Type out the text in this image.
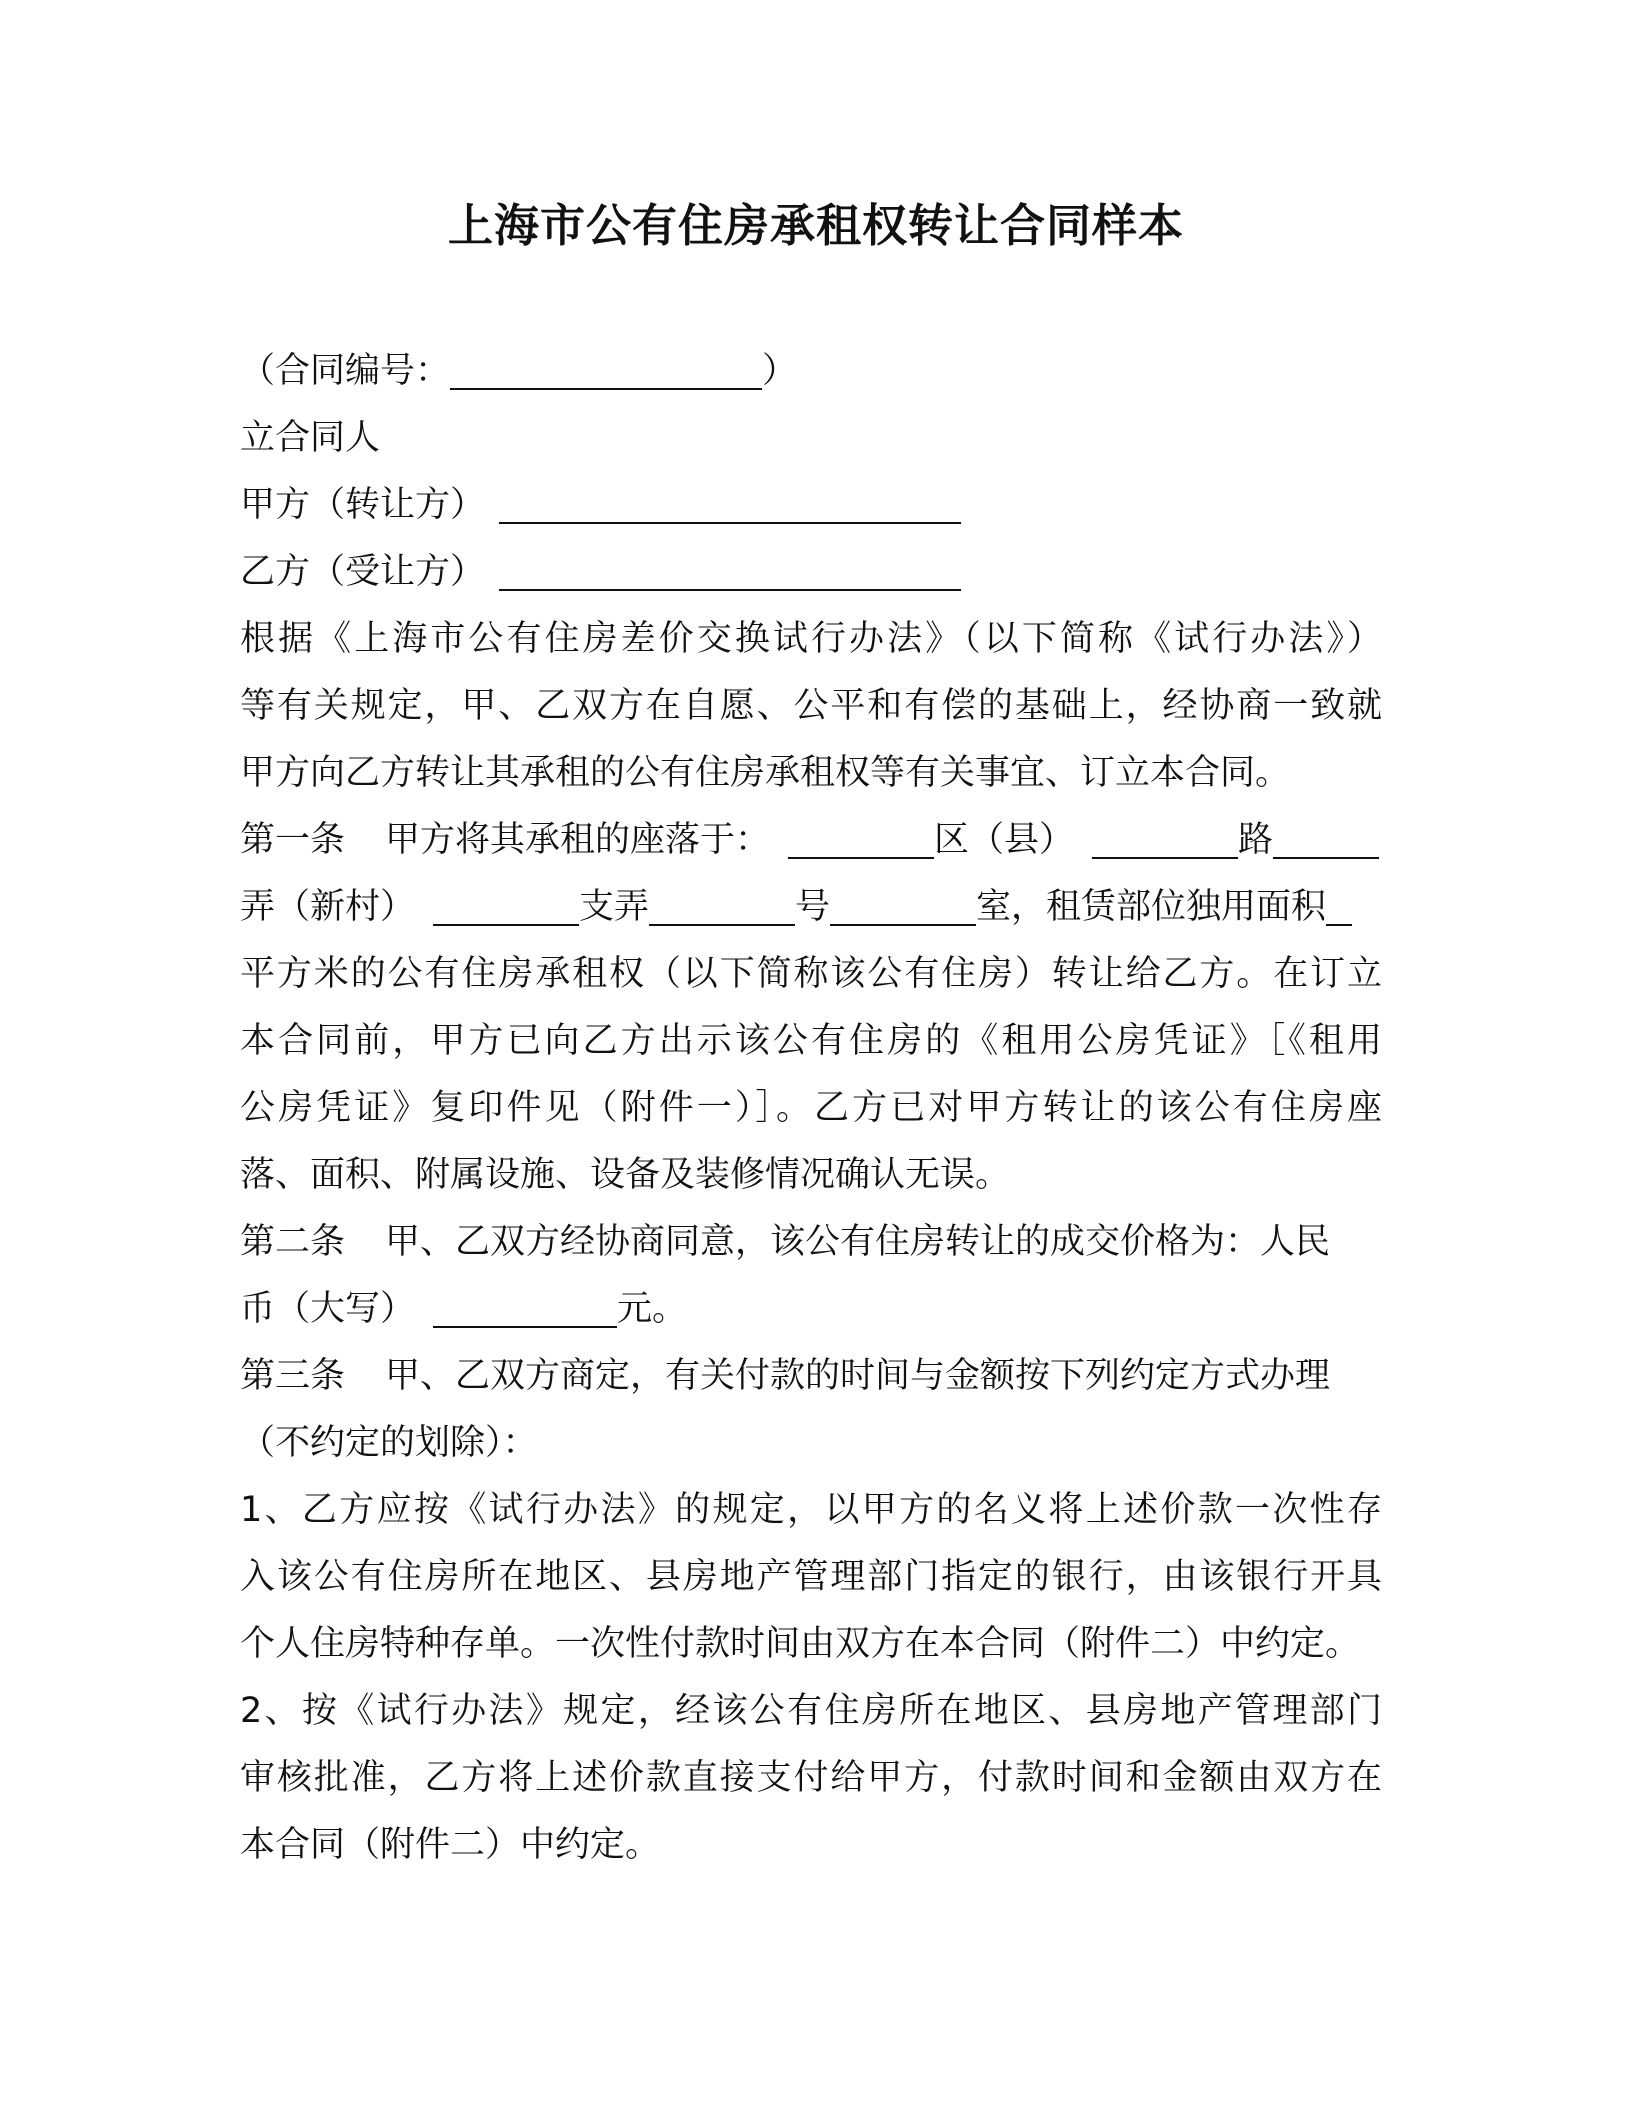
上海市公有住房承租权转让合同样本
（合同编号：	）
立合同人
甲方（转让方）
乙方（受让方）
根据《上海市公有住房差价交换试行办法》（以下简称《试行办法》）
等有关规定，甲、乙双方在自愿、公平和有偿的基础上，经协商一致就
甲方向乙方转让其承租的公有住房承租权等有关事宜、订立本合同。
第一条 甲方将其承租的座落于：	区（县）	路
弄（新村）	支弄	号	室，租赁部位独用面积
平方米的公有住房承租权（以下简称该公有住房）转让给乙方。在订立
本合同前，甲方已向乙方出示该公有住房的《租用公房凭证》［《租用
公房凭证》复印件见（附件一）］。乙方已对甲方转让的该公有住房座
落、面积、附属设施、设备及装修情况确认无误。
第二条 甲、乙双方经协商同意，该公有住房转让的成交价格为：人民
币（大写）	元。
第三条 甲、乙双方商定，有关付款的时间与金额按下列约定方式办理
（不约定的划除）：
1、乙方应按《试行办法》的规定，以甲方的名义将上述价款一次性存
入该公有住房所在地区、县房地产管理部门指定的银行，由该银行开具
个人住房特种存单。一次性付款时间由双方在本合同（附件二）中约定。
2、按《试行办法》规定，经该公有住房所在地区、县房地产管理部门
审核批准，乙方将上述价款直接支付给甲方，付款时间和金额由双方在
本合同（附件二）中约定。
